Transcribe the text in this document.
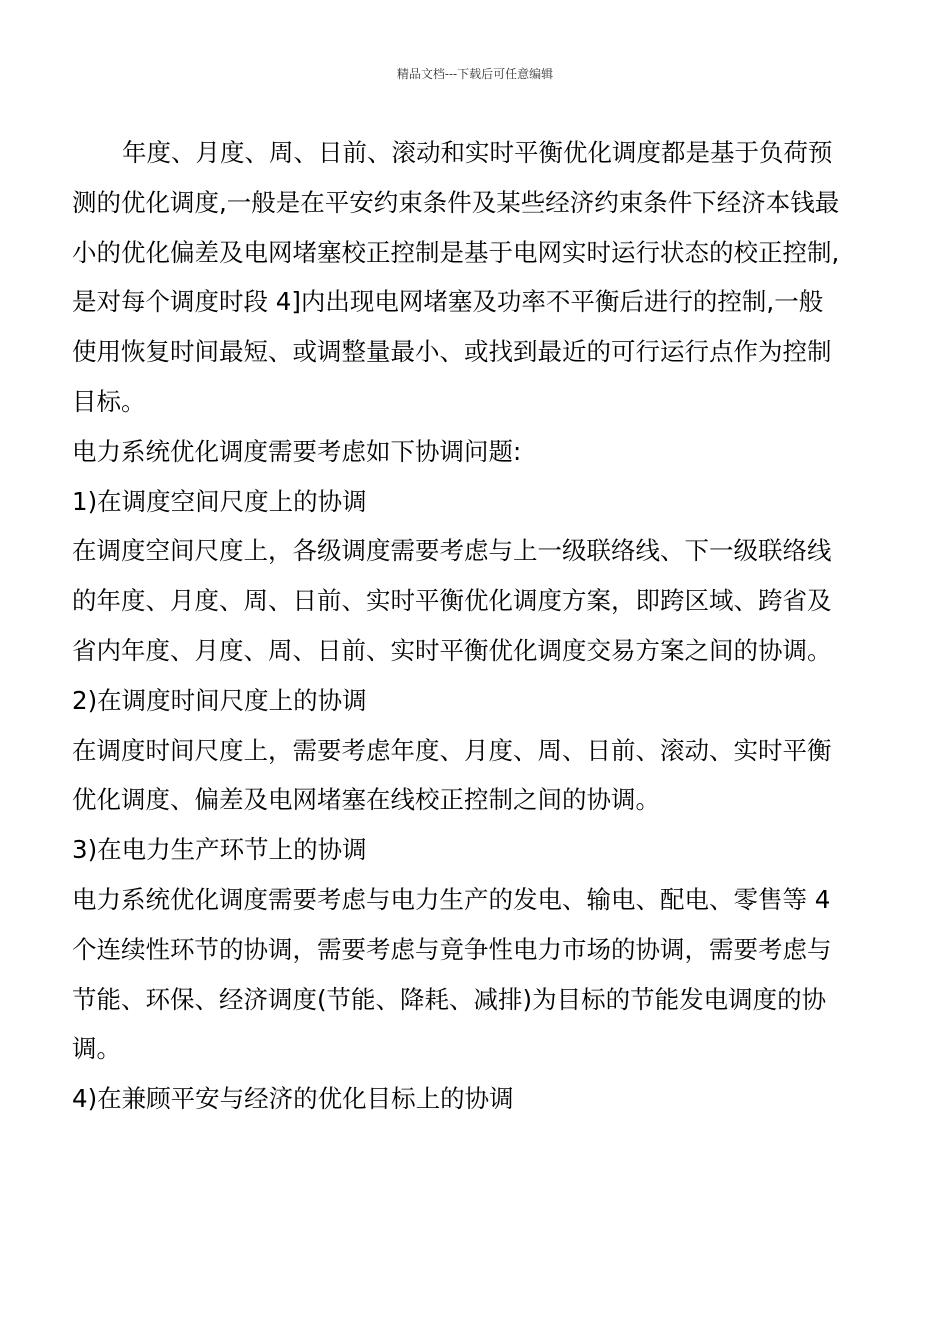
精品文档---下载后可任意编辑
年度、月度、周、日前、滚动和实时平衡优化调度都是基于负荷预
测的优化调度,一般是在平安约束条件及某些经济约束条件下经济本钱最
小的优化偏差及电网堵塞校正控制是基于电网实时运行状态的校正控制,
是对每个调度时段 4]内出现电网堵塞及功率不平衡后进行的控制,一般
使用恢复时间最短、或调整量最小、或找到最近的可行运行点作为控制
目标。
电力系统优化调度需要考虑如下协调问题:
1)在调度空间尺度上的协调
在调度空间尺度上，各级调度需要考虑与上一级联络线、下一级联络线
的年度、月度、周、日前、实时平衡优化调度方案，即跨区域、跨省及
省内年度、月度、周、日前、实时平衡优化调度交易方案之间的协调。
2)在调度时间尺度上的协调
在调度时间尺度上，需要考虑年度、月度、周、日前、滚动、实时平衡
优化调度、偏差及电网堵塞在线校正控制之间的协调。
3)在电力生产环节上的协调
电力系统优化调度需要考虑与电力生产的发电、输电、配电、零售等 4
个连续性环节的协调，需要考虑与竟争性电力市场的协调，需要考虑与
节能、环保、经济调度(节能、降耗、减排)为目标的节能发电调度的协
调。
4)在兼顾平安与经济的优化目标上的协调
